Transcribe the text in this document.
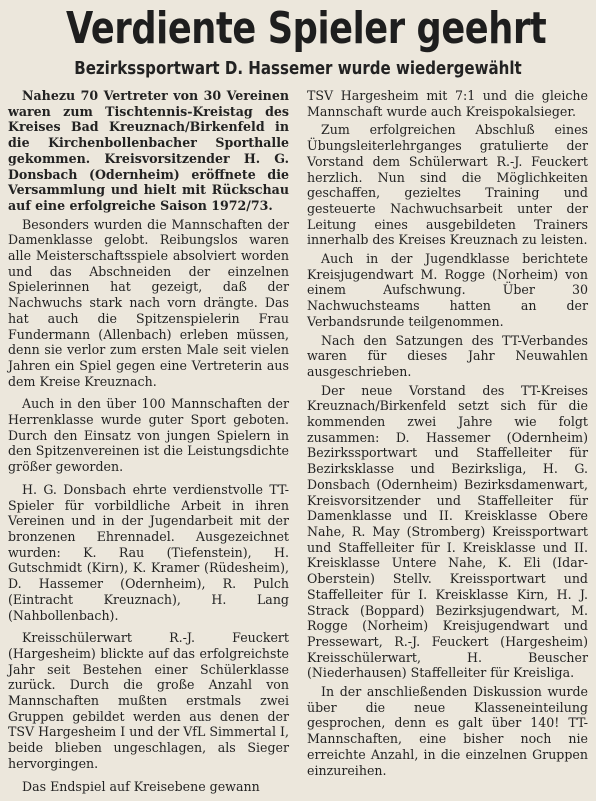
Verdiente Spieler geehrt
Bezirkssportwart D. Hassemer wurde wiedergewählt

Nahezu 70 Vertreter von 30 Vereinen waren zum Tischtennis-Kreistag des Kreises Bad Kreuznach/Birkenfeld in die Kirchenbollenbacher Sporthalle gekommen. Kreisvorsitzender H. G. Donsbach (Odernheim) eröffnete die Versammlung und hielt mit Rückschau auf eine erfolgreiche Saison 1972/73.

Besonders wurden die Mannschaften der Damenklasse gelobt. Reibungslos waren alle Meisterschaftsspiele absolviert worden und das Abschneiden der einzelnen Spielerinnen hat gezeigt, daß der Nachwuchs stark nach vorn drängte. Das hat auch die Spitzenspielerin Frau Fundermann (Allenbach) erleben müssen, denn sie verlor zum ersten Male seit vielen Jahren ein Spiel gegen eine Vertreterin aus dem Kreise Kreuznach.

Auch in den über 100 Mannschaften der Herrenklasse wurde guter Sport geboten. Durch den Einsatz von jungen Spielern in den Spitzenvereinen ist die Leistungsdichte größer geworden.

H. G. Donsbach ehrte verdienstvolle TT-Spieler für vorbildliche Arbeit in ihren Vereinen und in der Jugendarbeit mit der bronzenen Ehrennadel. Ausgezeichnet wurden: K. Rau (Tiefenstein), H. Gutschmidt (Kirn), K. Kramer (Rüdesheim), D. Hassemer (Odernheim), R. Pulch (Eintracht Kreuznach), H. Lang (Nahbollenbach).

Kreisschülerwart R.-J. Feuckert (Hargesheim) blickte auf das erfolgreichste Jahr seit Bestehen einer Schülerklasse zurück. Durch die große Anzahl von Mannschaften mußten erstmals zwei Gruppen gebildet werden aus denen der TSV Hargesheim I und der VfL Simmertal I, beide blieben ungeschlagen, als Sieger hervorgingen.

Das Endspiel auf Kreisebene gewann

TSV Hargesheim mit 7:1 und die gleiche Mannschaft wurde auch Kreispokalsieger.

Zum erfolgreichen Abschluß eines Übungsleiterlehrganges gratulierte der Vorstand dem Schülerwart R.-J. Feuckert herzlich. Nun sind die Möglichkeiten geschaffen, gezieltes Training und gesteuerte Nachwuchsarbeit unter der Leitung eines ausgebildeten Trainers innerhalb des Kreises Kreuznach zu leisten.

Auch in der Jugendklasse berichtete Kreisjugendwart M. Rogge (Norheim) von einem Aufschwung. Über 30 Nachwuchsteams hatten an der Verbandsrunde teilgenommen.

Nach den Satzungen des TT-Verbandes waren für dieses Jahr Neuwahlen ausgeschrieben.

Der neue Vorstand des TT-Kreises Kreuznach/Birkenfeld setzt sich für die kommenden zwei Jahre wie folgt zusammen: D. Hassemer (Odernheim) Bezirkssportwart und Staffelleiter für Bezirksklasse und Bezirksliga, H. G. Donsbach (Odernheim) Bezirksdamenwart, Kreisvorsitzender und Staffelleiter für Damenklasse und II. Kreisklasse Obere Nahe, R. May (Stromberg) Kreissportwart und Staffelleiter für I. Kreisklasse und II. Kreisklasse Untere Nahe, K. Eli (Idar-Oberstein) Stellv. Kreissportwart und Staffelleiter für I. Kreisklasse Kirn, H. J. Strack (Boppard) Bezirksjugendwart, M. Rogge (Norheim) Kreisjugendwart und Pressewart, R.-J. Feuckert (Hargesheim) Kreisschülerwart, H. Beuscher (Niederhausen) Staffelleiter für Kreisliga.

In der anschließenden Diskussion wurde über die neue Klasseneinteilung gesprochen, denn es galt über 140! TT-Mannschaften, eine bisher noch nie erreichte Anzahl, in die einzelnen Gruppen einzureihen.
